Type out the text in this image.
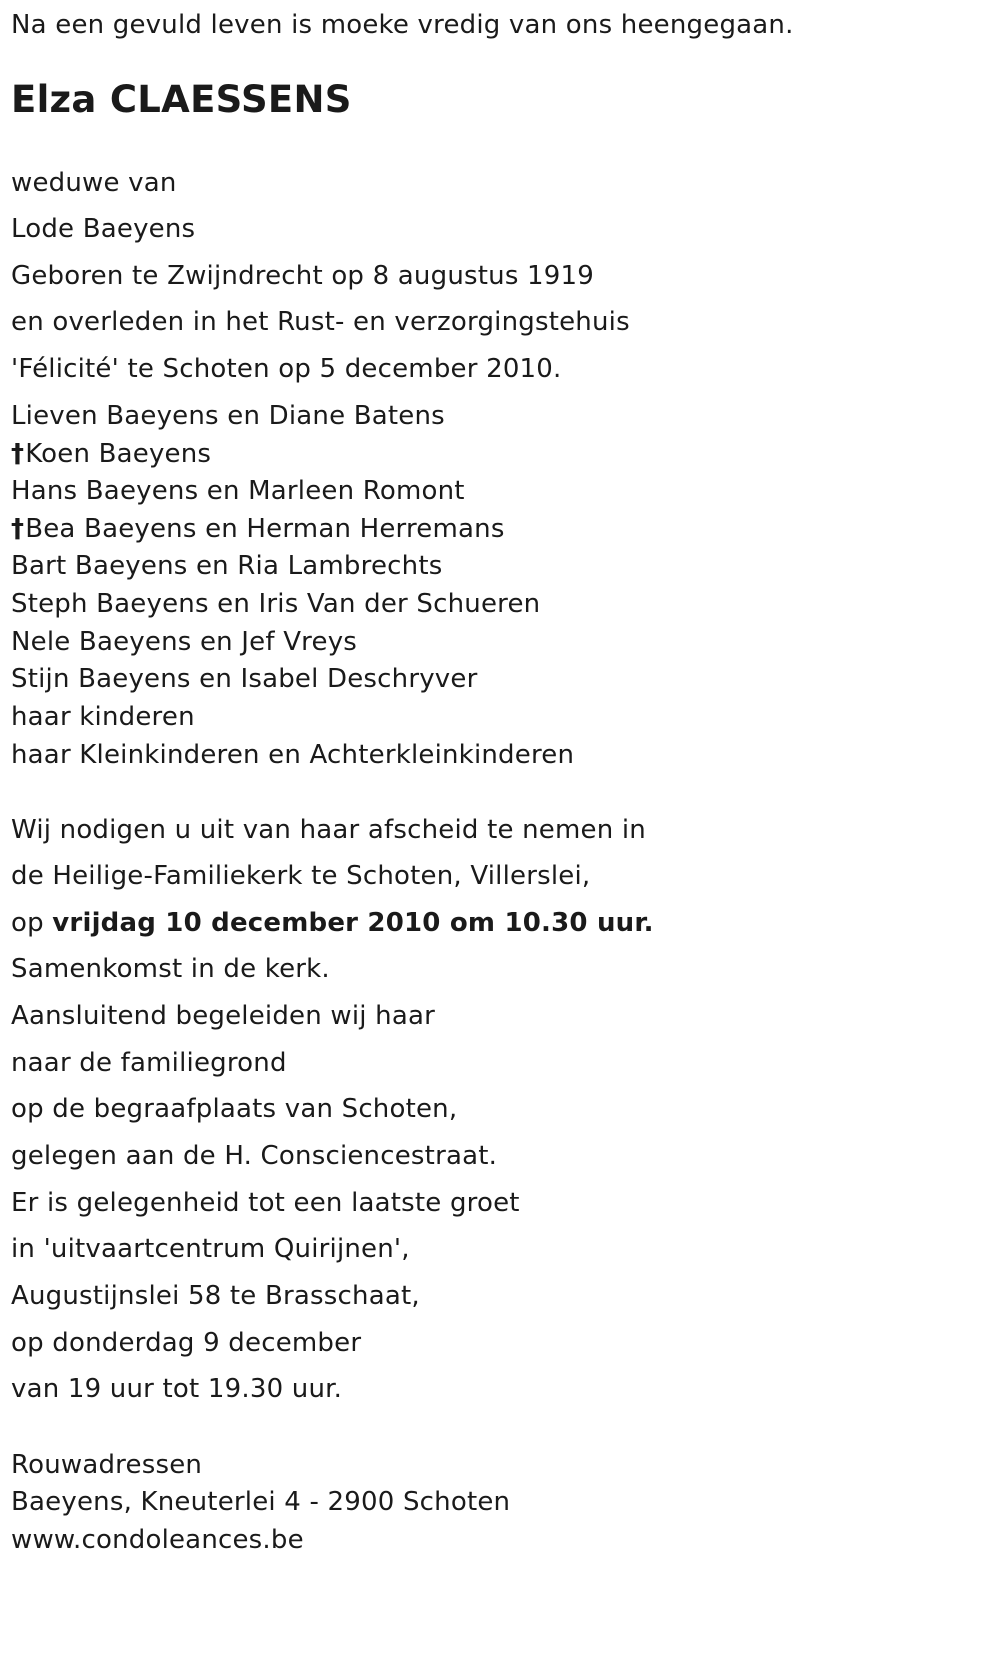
Na een gevuld leven is moeke vredig van ons heengegaan.
Elza CLAESSENS
weduwe van
Lode Baeyens
Geboren te Zwijndrecht op 8 augustus 1919
en overleden in het Rust- en verzorgingstehuis
'Félicité' te Schoten op 5 december 2010.
Lieven Baeyens en Diane Batens
†Koen Baeyens
Hans Baeyens en Marleen Romont
†Bea Baeyens en Herman Herremans
Bart Baeyens en Ria Lambrechts
Steph Baeyens en Iris Van der Schueren
Nele Baeyens en Jef Vreys
Stijn Baeyens en Isabel Deschryver
haar kinderen
haar Kleinkinderen en Achterkleinkinderen
Wij nodigen u uit van haar afscheid te nemen in
de Heilige-Familiekerk te Schoten, Villerslei,
op vrijdag 10 december 2010 om 10.30 uur.
Samenkomst in de kerk.
Aansluitend begeleiden wij haar
naar de familiegrond
op de begraafplaats van Schoten,
gelegen aan de H. Consciencestraat.
Er is gelegenheid tot een laatste groet
in 'uitvaartcentrum Quirijnen',
Augustijnslei 58 te Brasschaat,
op donderdag 9 december
van 19 uur tot 19.30 uur.
Rouwadressen
Baeyens, Kneuterlei 4 - 2900 Schoten
www.condoleances.be
